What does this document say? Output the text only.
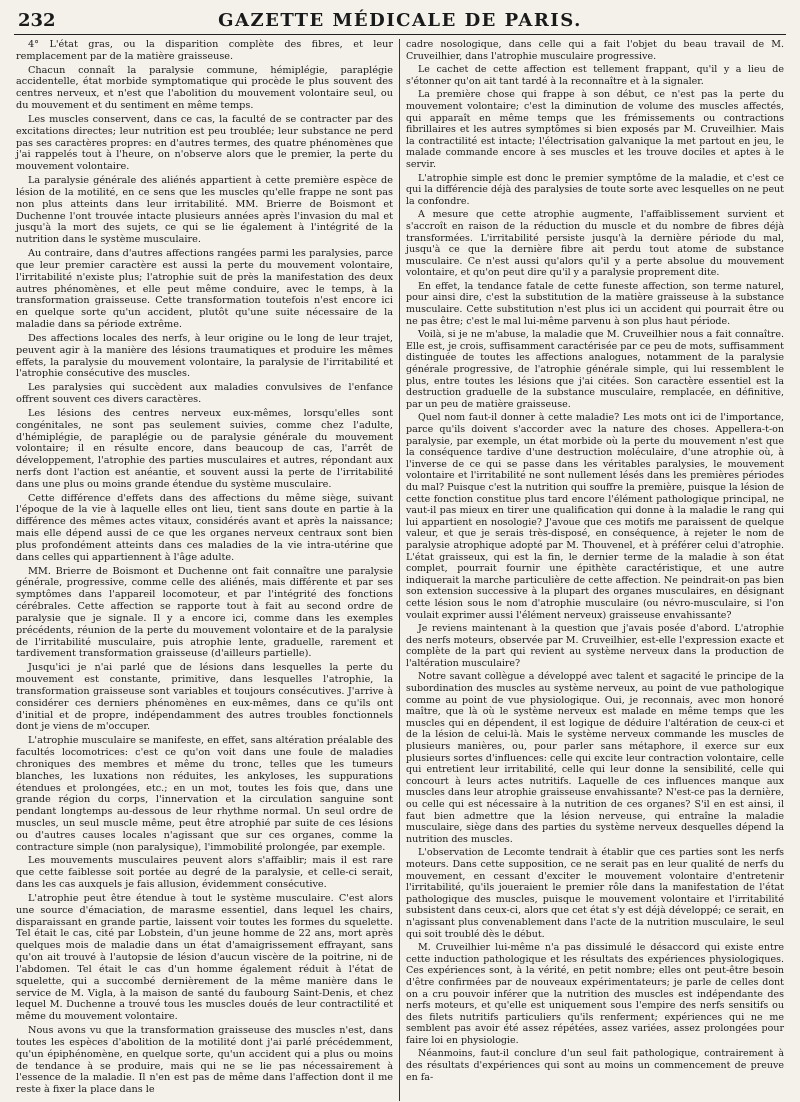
232	GAZETTE MÉDICALE DE PARIS.

4° L'état gras, ou la disparition complète des fibres, et leur remplacement par de la matière graisseuse.

Chacun connaît la paralysie commune, hémiplégie, paraplégie accidentelle, état morbide symptomatique qui procède le plus souvent des centres nerveux, et n'est que l'abolition du mouvement volontaire seul, ou du mouvement et du sentiment en même temps.

Les muscles conservent, dans ce cas, la faculté de se contracter par des excitations directes; leur nutrition est peu troublée; leur substance ne perd pas ses caractères propres: en d'autres termes, des quatre phénomènes que j'ai rappelés tout à l'heure, on n'observe alors que le premier, la perte du mouvement volontaire.

La paralysie générale des aliénés appartient à cette première espèce de lésion de la motilité, en ce sens que les muscles qu'elle frappe ne sont pas non plus atteints dans leur irritabilité. MM. Brierre de Boismont et Duchenne l'ont trouvée intacte plusieurs années après l'invasion du mal et jusqu'à la mort des sujets, ce qui se lie également à l'intégrité de la nutrition dans le système musculaire.

Au contraire, dans d'autres affections rangées parmi les paralysies, parce que leur premier caractère est aussi la perte du mouvement volontaire, l'irritabilité n'existe plus; l'atrophie suit de près la manifestation des deux autres phénomènes, et elle peut même conduire, avec le temps, à la transformation graisseuse. Cette transformation toutefois n'est encore ici en quelque sorte qu'un accident, plutôt qu'une suite nécessaire de la maladie dans sa période extrême.

Des affections locales des nerfs, à leur origine ou le long de leur trajet, peuvent agir à la manière des lésions traumatiques et produire les mêmes effets, la paralysie du mouvement volontaire, la paralysie de l'irritabilité et l'atrophie consécutive des muscles.

Les paralysies qui succèdent aux maladies convulsives de l'enfance offrent souvent ces divers caractères.

Les lésions des centres nerveux eux-mêmes, lorsqu'elles sont congénitales, ne sont pas seulement suivies, comme chez l'adulte, d'hémiplégie, de paraplégie ou de paralysie générale du mouvement volontaire; il en résulte encore, dans beaucoup de cas, l'arrêt de développement, l'atrophie des parties musculaires et autres, répondant aux nerfs dont l'action est anéantie, et souvent aussi la perte de l'irritabilité dans une plus ou moins grande étendue du système musculaire.

Cette différence d'effets dans des affections du même siège, suivant l'époque de la vie à laquelle elles ont lieu, tient sans doute en partie à la différence des mêmes actes vitaux, considérés avant et après la naissance; mais elle dépend aussi de ce que les organes nerveux centraux sont bien plus profondément atteints dans ces maladies de la vie intra-utérine que dans celles qui appartiennent à l'âge adulte.

MM. Brierre de Boismont et Duchenne ont fait connaître une paralysie générale, progressive, comme celle des aliénés, mais différente et par ses symptômes dans l'appareil locomoteur, et par l'intégrité des fonctions cérébrales. Cette affection se rapporte tout à fait au second ordre de paralysie que je signale. Il y a encore ici, comme dans les exemples précédents, réunion de la perte du mouvement volontaire et de la paralysie de l'irritabilité musculaire, puis atrophie lente, graduelle, rarement et tardivement transformation graisseuse (d'ailleurs partielle).

Jusqu'ici je n'ai parlé que de lésions dans lesquelles la perte du mouvement est constante, primitive, dans lesquelles l'atrophie, la transformation graisseuse sont variables et toujours consécutives. J'arrive à considérer ces derniers phénomènes en eux-mêmes, dans ce qu'ils ont d'initial et de propre, indépendamment des autres troubles fonctionnels dont je viens de m'occuper.

L'atrophie musculaire se manifeste, en effet, sans altération préalable des facultés locomotrices: c'est ce qu'on voit dans une foule de maladies chroniques des membres et même du tronc, telles que les tumeurs blanches, les luxations non réduites, les ankyloses, les suppurations étendues et prolongées, etc.; en un mot, toutes les fois que, dans une grande région du corps, l'innervation et la circulation sanguine sont pendant longtemps au-dessous de leur rhythme normal. Un seul ordre de muscles, un seul muscle même, peut être atrophié par suite de ces lésions ou d'autres causes locales n'agissant que sur ces organes, comme la contracture simple (non paralysique), l'immobilité prolongée, par exemple.

Les mouvements musculaires peuvent alors s'affaiblir; mais il est rare que cette faiblesse soit portée au degré de la paralysie, et celle-ci serait, dans les cas auxquels je fais allusion, évidemment consécutive.

L'atrophie peut être étendue à tout le système musculaire. C'est alors une source d'émaciation, de marasme essentiel, dans lequel les chairs, disparaissant en grande partie, laissent voir toutes les formes du squelette. Tel était le cas, cité par Lobstein, d'un jeune homme de 22 ans, mort après quelques mois de maladie dans un état d'amaigrissement effrayant, sans qu'on ait trouvé à l'autopsie de lésion d'aucun viscère de la poitrine, ni de l'abdomen. Tel était le cas d'un homme également réduit à l'état de squelette, qui a succombé dernièrement de la même manière dans le service de M. Vigla, à la maison de santé du faubourg Saint-Denis, et chez lequel M. Duchenne a trouvé tous les muscles doués de leur contractilité et même du mouvement volontaire.

Nous avons vu que la transformation graisseuse des muscles n'est, dans toutes les espèces d'abolition de la motilité dont j'ai parlé précédemment, qu'un épiphénomène, en quelque sorte, qu'un accident qui a plus ou moins de tendance à se produire, mais qui ne se lie pas nécessairement à l'essence de la maladie. Il n'en est pas de même dans l'affection dont il me reste à fixer la place dans le

cadre nosologique, dans celle qui a fait l'objet du beau travail de M. Cruveilhier, dans l'atrophie musculaire progressive.

Le cachet de cette affection est tellement frappant, qu'il y a lieu de s'étonner qu'on ait tant tardé à la reconnaître et à la signaler.

La première chose qui frappe à son début, ce n'est pas la perte du mouvement volontaire; c'est la diminution de volume des muscles affectés, qui apparaît en même temps que les frémissements ou contractions fibrillaires et les autres symptômes si bien exposés par M. Cruveilhier. Mais la contractilité est intacte; l'électrisation galvanique la met partout en jeu, le malade commande encore à ses muscles et les trouve dociles et aptes à le servir.

L'atrophie simple est donc le premier symptôme de la maladie, et c'est ce qui la différencie déjà des paralysies de toute sorte avec lesquelles on ne peut la confondre.

A mesure que cette atrophie augmente, l'affaiblissement survient et s'accroît en raison de la réduction du muscle et du nombre de fibres déjà transformées. L'irritabilité persiste jusqu'à la dernière période du mal, jusqu'à ce que la dernière fibre ait perdu tout atome de substance musculaire. Ce n'est aussi qu'alors qu'il y a perte absolue du mouvement volontaire, et qu'on peut dire qu'il y a paralysie proprement dite.

En effet, la tendance fatale de cette funeste affection, son terme naturel, pour ainsi dire, c'est la substitution de la matière graisseuse à la substance musculaire. Cette substitution n'est plus ici un accident qui pourrait être ou ne pas être; c'est le mal lui-même parvenu à son plus haut période.

Voilà, si je ne m'abuse, la maladie que M. Cruveilhier nous a fait connaître. Elle est, je crois, suffisamment caractérisée par ce peu de mots, suffisamment distinguée de toutes les affections analogues, notamment de la paralysie générale progressive, de l'atrophie générale simple, qui lui ressemblent le plus, entre toutes les lésions que j'ai citées. Son caractère essentiel est la destruction graduelle de la substance musculaire, remplacée, en définitive, par un peu de matière graisseuse.

Quel nom faut-il donner à cette maladie? Les mots ont ici de l'importance, parce qu'ils doivent s'accorder avec la nature des choses. Appellera-t-on paralysie, par exemple, un état morbide où la perte du mouvement n'est que la conséquence tardive d'une destruction moléculaire, d'une atrophie où, à l'inverse de ce qui se passe dans les véritables paralysies, le mouvement volontaire et l'irritabilité ne sont nullement lésés dans les premières périodes du mal? Puisque c'est la nutrition qui souffre la première, puisque la lésion de cette fonction constitue plus tard encore l'élément pathologique principal, ne vaut-il pas mieux en tirer une qualification qui donne à la maladie le rang qui lui appartient en nosologie? J'avoue que ces motifs me paraissent de quelque valeur, et que je serais très-disposé, en conséquence, à rejeter le nom de paralysie atrophique adopté par M. Thouvenel, et à préférer celui d'atrophie. L'état graisseux, qui est la fin, le dernier terme de la maladie à son état complet, pourrait fournir une épithète caractéristique, et une autre indiquerait la marche particulière de cette affection. Ne peindrait-on pas bien son extension successive à la plupart des organes musculaires, en désignant cette lésion sous le nom d'atrophie musculaire (ou névro-musculaire, si l'on voulait exprimer aussi l'élément nerveux) graisseuse envahissante?

Je reviens maintenant à la question que j'avais posée d'abord. L'atrophie des nerfs moteurs, observée par M. Cruveilhier, est-elle l'expression exacte et complète de la part qui revient au système nerveux dans la production de l'altération musculaire?

Notre savant collègue a développé avec talent et sagacité le principe de la subordination des muscles au système nerveux, au point de vue pathologique comme au point de vue physiologique. Oui, je reconnais, avec mon honoré maître, que là où le système nerveux est malade en même temps que les muscles qui en dépendent, il est logique de déduire l'altération de ceux-ci et de la lésion de celui-là. Mais le système nerveux commande les muscles de plusieurs manières, ou, pour parler sans métaphore, il exerce sur eux plusieurs sortes d'influences: celle qui excite leur contraction volontaire, celle qui entretient leur irritabilité, celle qui leur donne la sensibilité, celle qui concourt à leurs actes nutritifs. Laquelle de ces influences manque aux muscles dans leur atrophie graisseuse envahissante? N'est-ce pas la dernière, ou celle qui est nécessaire à la nutrition de ces organes? S'il en est ainsi, il faut bien admettre que la lésion nerveuse, qui entraîne la maladie musculaire, siège dans des parties du système nerveux desquelles dépend la nutrition des muscles.

L'observation de Lecomte tendrait à établir que ces parties sont les nerfs moteurs. Dans cette supposition, ce ne serait pas en leur qualité de nerfs du mouvement, en cessant d'exciter le mouvement volontaire d'entretenir l'irritabilité, qu'ils joueraient le premier rôle dans la manifestation de l'état pathologique des muscles, puisque le mouvement volontaire et l'irritabilité subsistent dans ceux-ci, alors que cet état s'y est déjà développé; ce serait, en n'agissant plus convenablement dans l'acte de la nutrition musculaire, le seul qui soit troublé dès le début.

M. Cruveilhier lui-même n'a pas dissimulé le désaccord qui existe entre cette induction pathologique et les résultats des expériences physiologiques. Ces expériences sont, à la vérité, en petit nombre; elles ont peut-être besoin d'être confirmées par de nouveaux expérimentateurs; je parle de celles dont on a cru pouvoir inférer que la nutrition des muscles est indépendante des nerfs moteurs, et qu'elle est uniquement sous l'empire des nerfs sensitifs ou des filets nutritifs particuliers qu'ils renferment; expériences qui ne me semblent pas avoir été assez répétées, assez variées, assez prolongées pour faire loi en physiologie.

Néanmoins, faut-il conclure d'un seul fait pathologique, contrairement à des résultats d'expériences qui sont au moins un commencement de preuve en fa-
